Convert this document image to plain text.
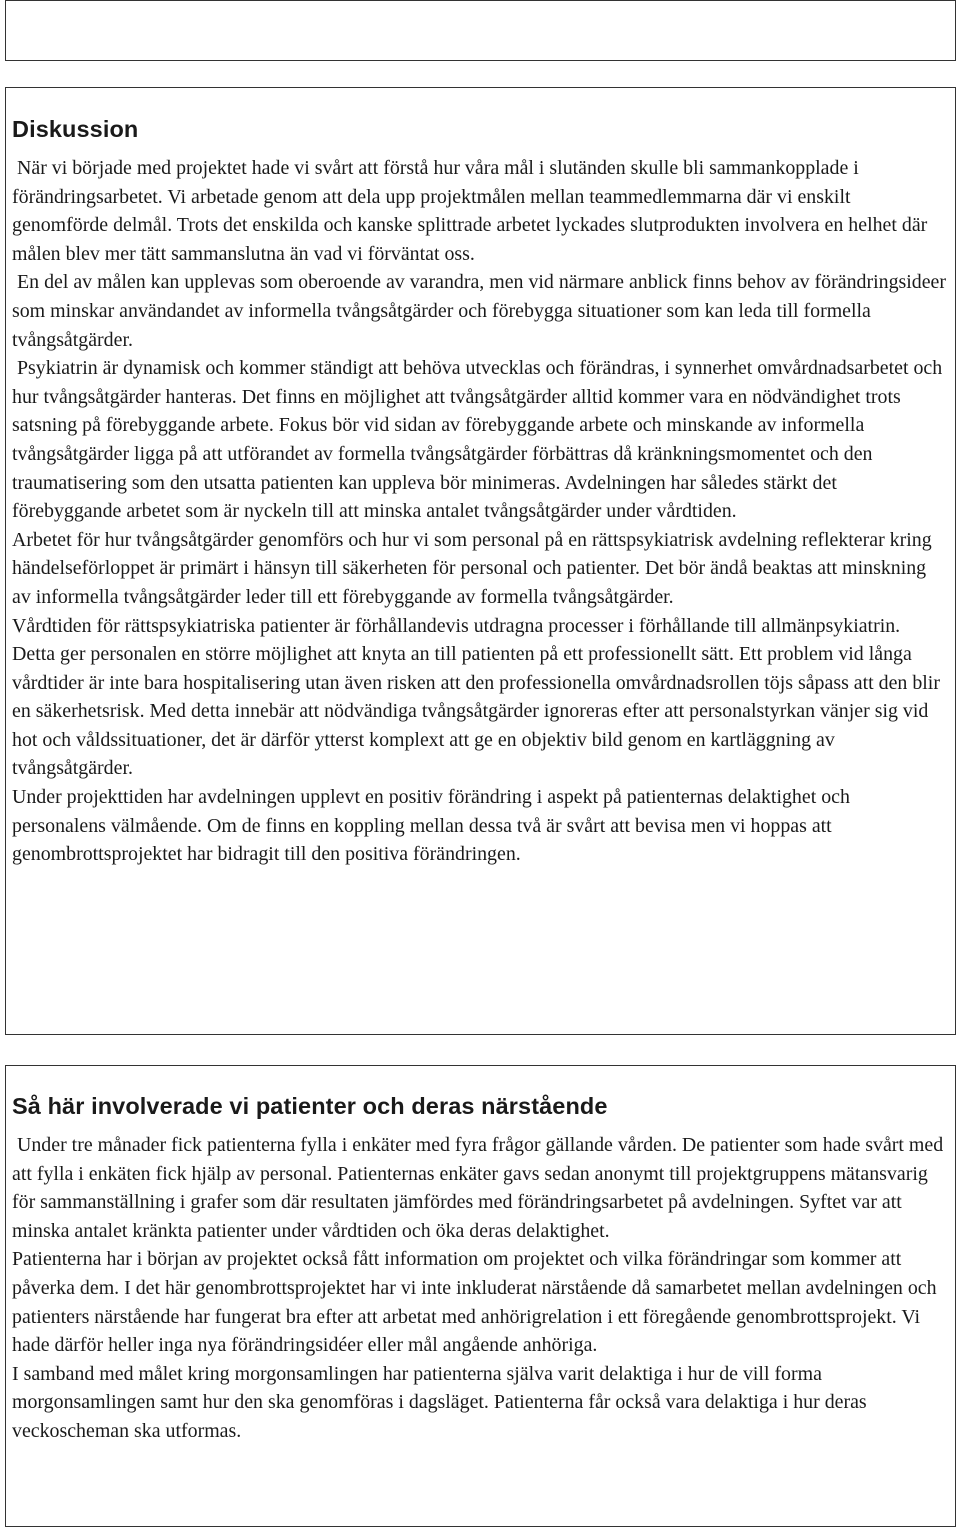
Diskussion

När vi började med projektet hade vi svårt att förstå hur våra mål i slutänden skulle bli sammankopplade i förändringsarbetet. Vi arbetade genom att dela upp projektmålen mellan teammedlemmarna där vi enskilt genomförde delmål. Trots det enskilda och kanske splittrade arbetet lyckades slutprodukten involvera en helhet där målen blev mer tätt sammanslutna än vad vi förväntat oss.

En del av målen kan upplevas som oberoende av varandra, men vid närmare anblick finns behov av förändringsideer som minskar användandet av informella tvångsåtgärder och förebygga situationer som kan leda till formella tvångsåtgärder.

Psykiatrin är dynamisk och kommer ständigt att behöva utvecklas och förändras, i synnerhet omvårdnadsarbetet och hur tvångsåtgärder hanteras. Det finns en möjlighet att tvångsåtgärder alltid kommer vara en nödvändighet trots satsning på förebyggande arbete. Fokus bör vid sidan av förebyggande arbete och minskande av informella tvångsåtgärder ligga på att utförandet av formella tvångsåtgärder förbättras då kränkningsmomentet och den traumatisering som den utsatta patienten kan uppleva bör minimeras. Avdelningen har således stärkt det förebyggande arbetet som är nyckeln till att minska antalet tvångsåtgärder under vårdtiden.

Arbetet för hur tvångsåtgärder genomförs och hur vi som personal på en rättspsykiatrisk avdelning reflekterar kring händelseförloppet är primärt i hänsyn till säkerheten för personal och patienter. Det bör ändå beaktas att minskning av informella tvångsåtgärder leder till ett förebyggande av formella tvångsåtgärder.

Vårdtiden för rättspsykiatriska patienter är förhållandevis utdragna processer i förhållande till allmänpsykiatrin. Detta ger personalen en större möjlighet att knyta an till patienten på ett professionellt sätt. Ett problem vid långa vårdtider är inte bara hospitalisering utan även risken att den professionella omvårdnadsrollen töjs såpass att den blir en säkerhetsrisk. Med detta innebär att nödvändiga tvångsåtgärder ignoreras efter att personalstyrkan vänjer sig vid hot och våldssituationer, det är därför ytterst komplext att ge en objektiv bild genom en kartläggning av tvångsåtgärder.

Under projekttiden har avdelningen upplevt en positiv förändring i aspekt på patienternas delaktighet och personalens välmående. Om de finns en koppling mellan dessa två är svårt att bevisa men vi hoppas att genombrottsprojektet har bidragit till den positiva förändringen.

Så här involverade vi patienter och deras närstående

Under tre månader fick patienterna fylla i enkäter med fyra frågor gällande vården. De patienter som hade svårt med att fylla i enkäten fick hjälp av personal. Patienternas enkäter gavs sedan anonymt till projektgruppens mätansvarig för sammanställning i grafer som där resultaten jämfördes med förändringsarbetet på avdelningen. Syftet var att minska antalet kränkta patienter under vårdtiden och öka deras delaktighet.

Patienterna har i början av projektet också fått information om projektet och vilka förändringar som kommer att påverka dem. I det här genombrottsprojektet har vi inte inkluderat närstående då samarbetet mellan avdelningen och patienters närstående har fungerat bra efter att arbetat med anhörigrelation i ett föregående genombrottsprojekt. Vi hade därför heller inga nya förändringsidéer eller mål angående anhöriga.

I samband med målet kring morgonsamlingen har patienterna själva varit delaktiga i hur de vill forma morgonsamlingen samt hur den ska genomföras i dagsläget. Patienterna får också vara delaktiga i hur deras veckoscheman ska utformas.
